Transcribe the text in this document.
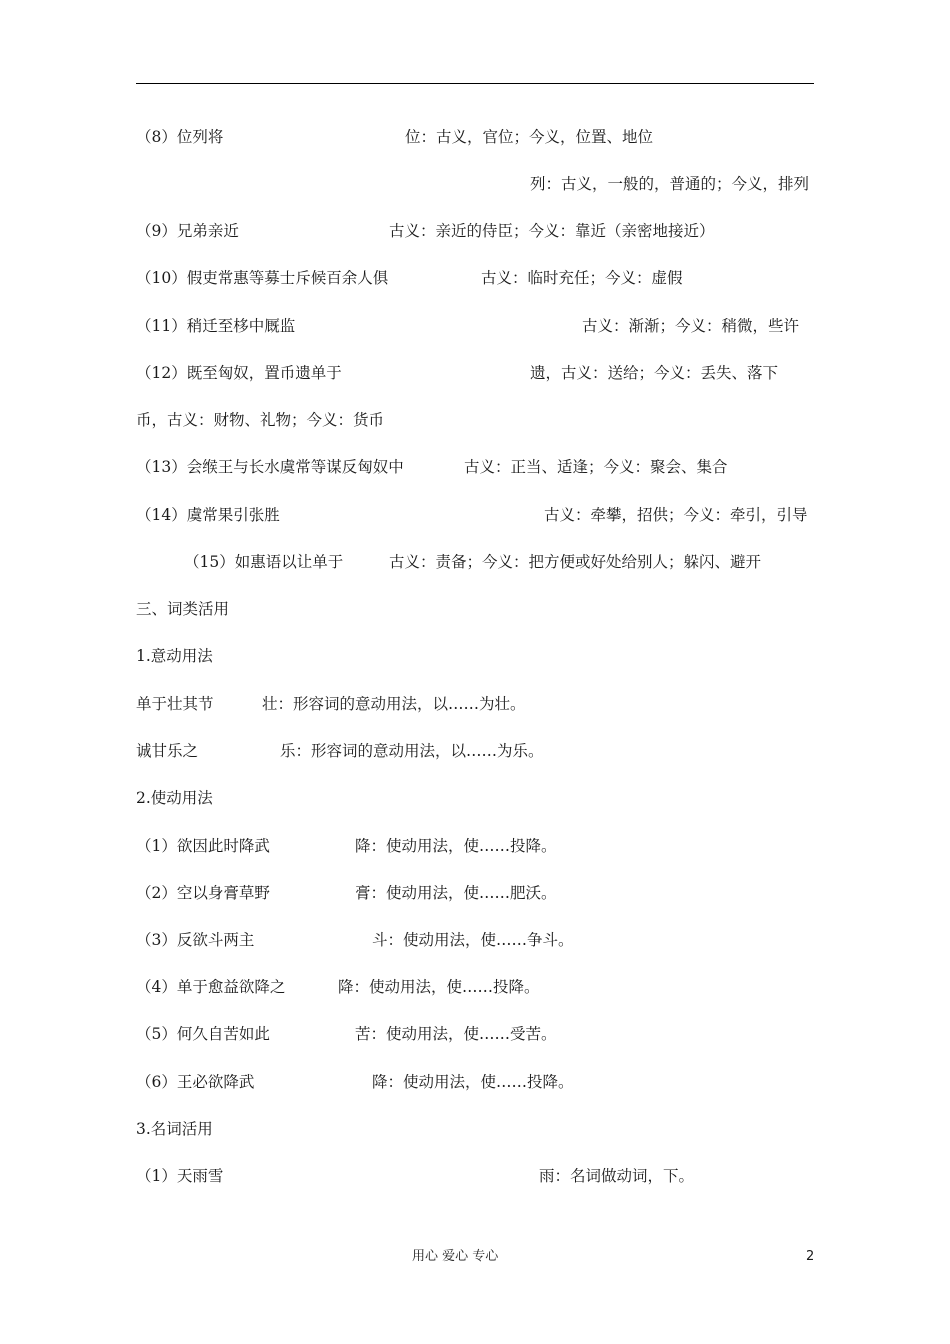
（8）位列将	位：古义，官位；今义，位置、地位
列：古义，一般的，普通的；今义，排列
（9）兄弟亲近	古义：亲近的侍臣；今义：靠近（亲密地接近）
（10）假吏常惠等募士斥候百余人俱	古义：临时充任；今义：虚假
（11）稍迁至栘中厩监	古义：渐渐；今义：稍微，些许
（12）既至匈奴，置币遗单于	遗，古义：送给；今义：丢失、落下
币，古义：财物、礼物；今义：货币
（13）会缑王与长水虞常等谋反匈奴中	古义：正当、适逢；今义：聚会、集合
（14）虞常果引张胜	古义：牵攀，招供；今义：牵引，引导
（15）如惠语以让单于	古义：责备；今义：把方便或好处给别人；躲闪、避开
三、词类活用
1.意动用法
单于壮其节	壮：形容词的意动用法，以……为壮。
诚甘乐之	乐：形容词的意动用法，以……为乐。
2.使动用法
（1）欲因此时降武	降：使动用法，使……投降。
（2）空以身膏草野	膏：使动用法，使……肥沃。
（3）反欲斗两主	斗：使动用法，使……争斗。
（4）单于愈益欲降之	降：使动用法，使……投降。
（5）何久自苦如此	苦：使动用法，使……受苦。
（6）王必欲降武	降：使动用法，使……投降。
3.名词活用
（1）天雨雪	雨：名词做动词，下。
用心 爱心 专心	2
